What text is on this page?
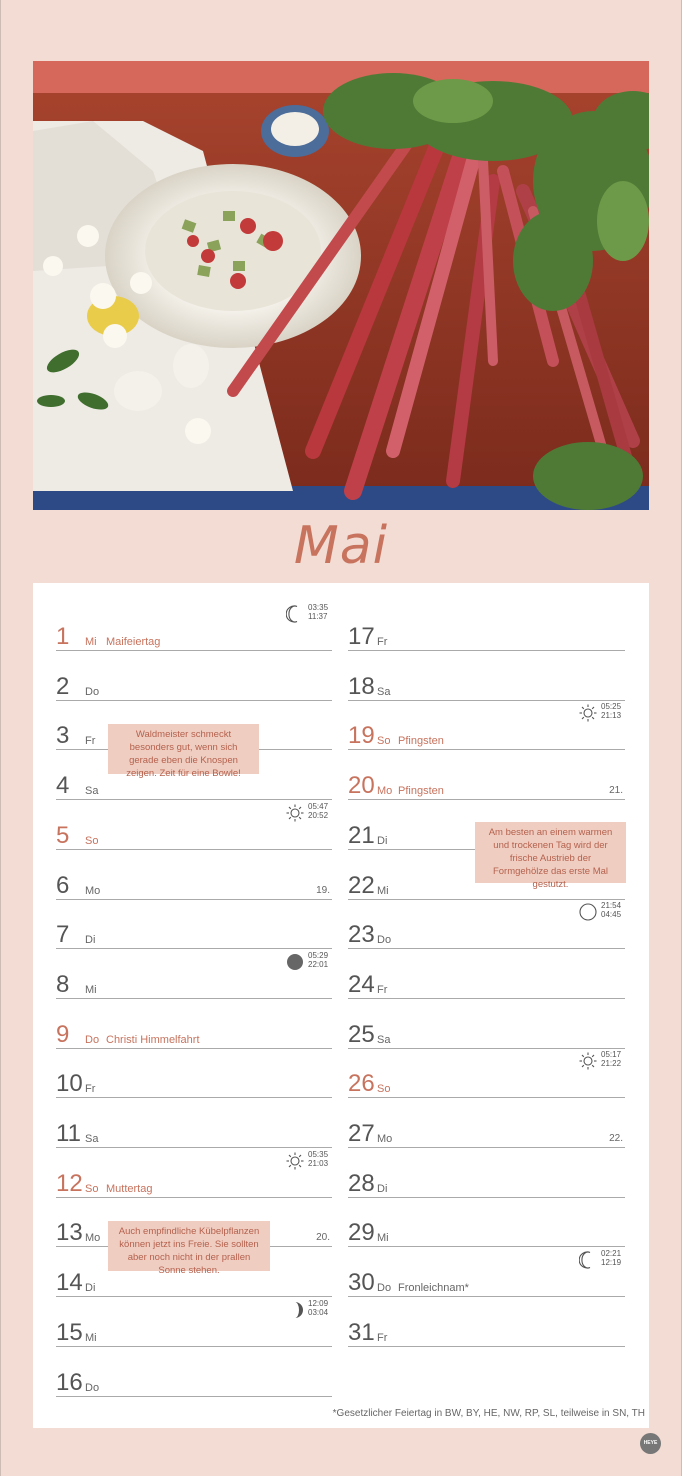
Mai
1 Mi Maifeiertag
2 Do
3 Fr
4 Sa
5 So
6 Mo	19.
7 Di
8 Mi
9 Do Christi Himmelfahrt
10 Fr
11 Sa
12 So Muttertag
13 Mo	20.
14 Di
15 Mi
16 Do
17 Fr
18 Sa
19 So Pfingsten
20 Mo Pfingsten	21.
21 Di
22 Mi
23 Do
24 Fr
25 Sa
26 So
27 Mo	22.
28 Di
29 Mi
30 Do Fronleichnam*
31 Fr
03:35
11:37
05:47
20:52
05:29
22:01
05:35
21:03
12:09
03:04
05:25
21:13
21:54
04:45
05:17
21:22
02:21
12:19
Waldmeister schmeckt besonders gut, wenn sich gerade eben die Knospen zeigen. Zeit für eine Bowle!
Auch empfindliche Kübelpflanzen können jetzt ins Freie. Sie sollten aber noch nicht in der prallen Sonne stehen.
Am besten an einem warmen und trockenen Tag wird der frische Austrieb der Formgehölze das erste Mal gestutzt.
*Gesetzlicher Feiertag in BW, BY, HE, NW, RP, SL, teilweise in SN, TH
HEYE
